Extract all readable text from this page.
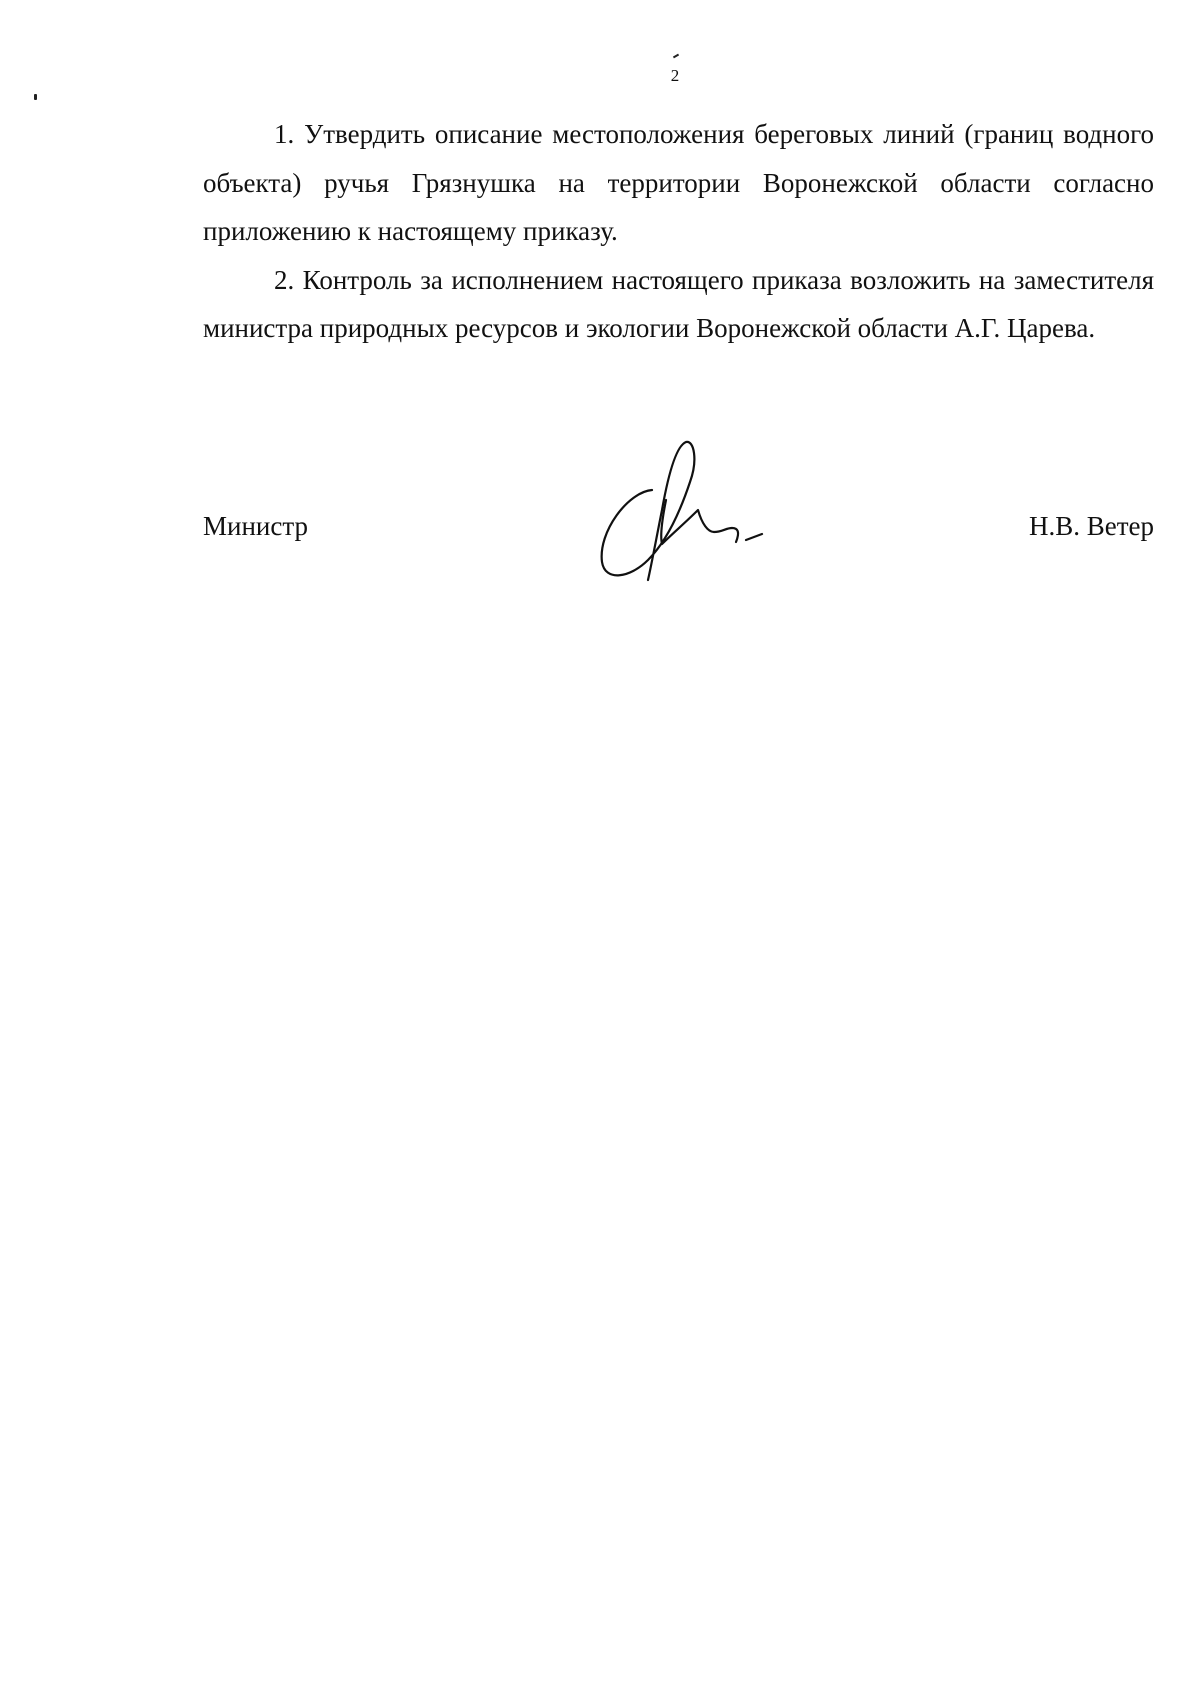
2

1. Утвердить описание местоположения береговых линий (границ водного объекта) ручья Грязнушка на территории Воронежской области согласно приложению к настоящему приказу.

2. Контроль за исполнением настоящего приказа возложить на заместителя министра природных ресурсов и экологии Воронежской области А.Г. Царева.

Министр	Н.В. Ветер
